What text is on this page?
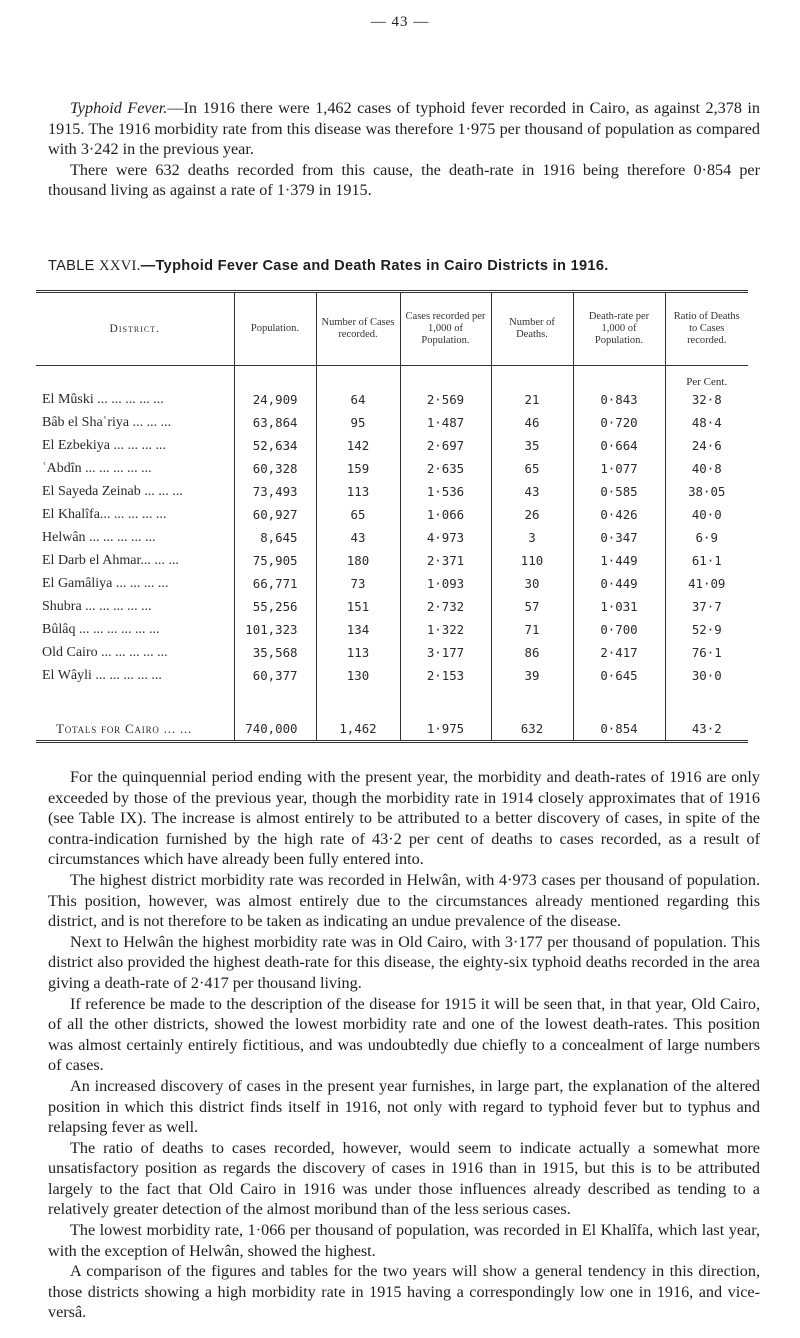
— 43 —

Typhoid Fever.—In 1916 there were 1,462 cases of typhoid fever recorded in Cairo, as against 2,378 in 1915. The 1916 morbidity rate from this disease was therefore 1·975 per thousand of population as compared with 3·242 in the previous year.

There were 632 deaths recorded from this cause, the death-rate in 1916 being therefore 0·854 per thousand living as against a rate of 1·379 in 1915.

TABLE XXVI.—Typhoid Fever Case and Death Rates in Cairo Districts in 1916.
District.	Population.	Number of Cases recorded.	Cases recorded per 1,000 of Population.	Number of Deaths.	Death-rate per 1,000 of Population.	Ratio of Deaths to Cases recorded.
						Per Cent.
El Mûski ... ... ... ... ...	24,909	64	2·569	21	0·843	32·8
Bâb el Shaʿriya ... ... ...	63,864	95	1·487	46	0·720	48·4
El Ezbekiya ... ... ... ...	52,634	142	2·697	35	0·664	24·6
ʿAbdîn ... ... ... ... ...	60,328	159	2·635	65	1·077	40·8
El Sayeda Zeinab ... ... ...	73,493	113	1·536	43	0·585	38·05
El Khalîfa... ... ... ... ...	60,927	65	1·066	26	0·426	40·0
Helwân ... ... ... ... ...	8,645	43	4·973	3	0·347	6·9
El Darb el Ahmar... ... ...	75,905	180	2·371	110	1·449	61·1
El Gamâliya ... ... ... ...	66,771	73	1·093	30	0·449	41·09
Shubra ... ... ... ... ...	55,256	151	2·732	57	1·031	37·7
Bûlâq ... ... ... ... ... ...	101,323	134	1·322	71	0·700	52·9
Old Cairo ... ... ... ... ...	35,568	113	3·177	86	2·417	76·1
El Wâyli ... ... ... ... ...	60,377	130	2·153	39	0·645	30·0

Totals for Cairo ... ...	740,000	1,462	1·975	632	0·854	43·2

For the quinquennial period ending with the present year, the morbidity and death-rates of 1916 are only exceeded by those of the previous year, though the morbidity rate in 1914 closely approximates that of 1916 (see Table IX). The increase is almost entirely to be attributed to a better discovery of cases, in spite of the contra-indication furnished by the high rate of 43·2 per cent of deaths to cases recorded, as a result of circumstances which have already been fully entered into.

The highest district morbidity rate was recorded in Helwân, with 4·973 cases per thousand of population. This position, however, was almost entirely due to the circumstances already mentioned regarding this district, and is not therefore to be taken as indicating an undue prevalence of the disease.

Next to Helwân the highest morbidity rate was in Old Cairo, with 3·177 per thousand of population. This district also provided the highest death-rate for this disease, the eighty-six typhoid deaths recorded in the area giving a death-rate of 2·417 per thousand living.

If reference be made to the description of the disease for 1915 it will be seen that, in that year, Old Cairo, of all the other districts, showed the lowest morbidity rate and one of the lowest death-rates. This position was almost certainly entirely fictitious, and was undoubtedly due chiefly to a concealment of large numbers of cases.

An increased discovery of cases in the present year furnishes, in large part, the explanation of the altered position in which this district finds itself in 1916, not only with regard to typhoid fever but to typhus and relapsing fever as well.

The ratio of deaths to cases recorded, however, would seem to indicate actually a somewhat more unsatisfactory position as regards the discovery of cases in 1916 than in 1915, but this is to be attributed largely to the fact that Old Cairo in 1916 was under those influences already described as tending to a relatively greater detection of the almost moribund than of the less serious cases.

The lowest morbidity rate, 1·066 per thousand of population, was recorded in El Khalîfa, which last year, with the exception of Helwân, showed the highest.

A comparison of the figures and tables for the two years will show a general tendency in this direction, those districts showing a high morbidity rate in 1915 having a correspondingly low one in 1916, and vice-versâ.
